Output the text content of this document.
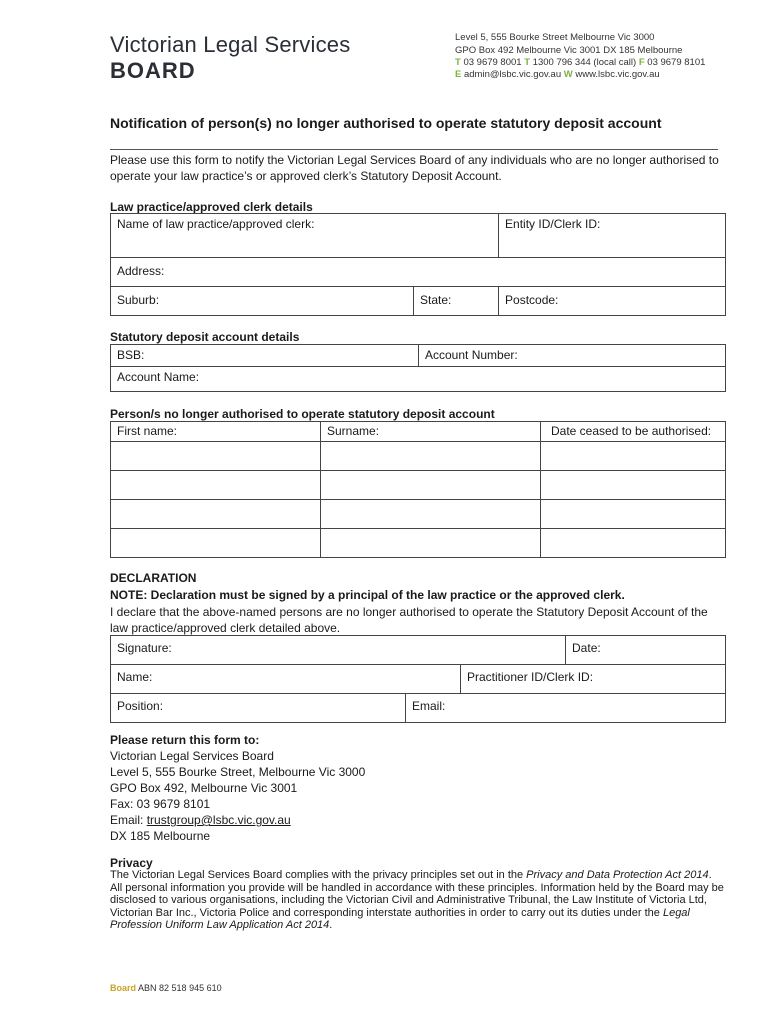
Victorian Legal Services
BOARD
Level 5, 555 Bourke Street Melbourne Vic 3000
GPO Box 492 Melbourne Vic 3001 DX 185 Melbourne
T 03 9679 8001 T 1300 796 344 (local call) F 03 9679 8101
E admin@lsbc.vic.gov.au W www.lsbc.vic.gov.au
Notification of person(s) no longer authorised to operate statutory deposit account
Please use this form to notify the Victorian Legal Services Board of any individuals who are no longer authorised to operate your law practice’s or approved clerk’s Statutory Deposit Account.
Law practice/approved clerk details
Name of law practice/approved clerk:		Entity ID/Clerk ID:
Address:		
Suburb:	State:	Postcode:
Statutory deposit account details
BSB:	Account Number:
Account Name:
Person/s no longer authorised to operate statutory deposit account
First name:	Surname:	Date ceased to be authorised:

DECLARATION
NOTE: Declaration must be signed by a principal of the law practice or the approved clerk.
I declare that the above-named persons are no longer authorised to operate the Statutory Deposit Account of the law practice/approved clerk detailed above.
Signature:			Date:
Name:		Practitioner ID/Clerk ID:	
Position:	Email:		
Please return this form to:
Victorian Legal Services Board
Level 5, 555 Bourke Street, Melbourne Vic 3000
GPO Box 492, Melbourne Vic 3001
Fax: 03 9679 8101
Email: trustgroup@lsbc.vic.gov.au
DX 185 Melbourne
Privacy
The Victorian Legal Services Board complies with the privacy principles set out in the Privacy and Data Protection Act 2014. All personal information you provide will be handled in accordance with these principles. Information held by the Board may be disclosed to various organisations, including the Victorian Civil and Administrative Tribunal, the Law Institute of Victoria Ltd, Victorian Bar Inc., Victoria Police and corresponding interstate authorities in order to carry out its duties under the Legal Profession Uniform Law Application Act 2014.
Board ABN 82 518 945 610
